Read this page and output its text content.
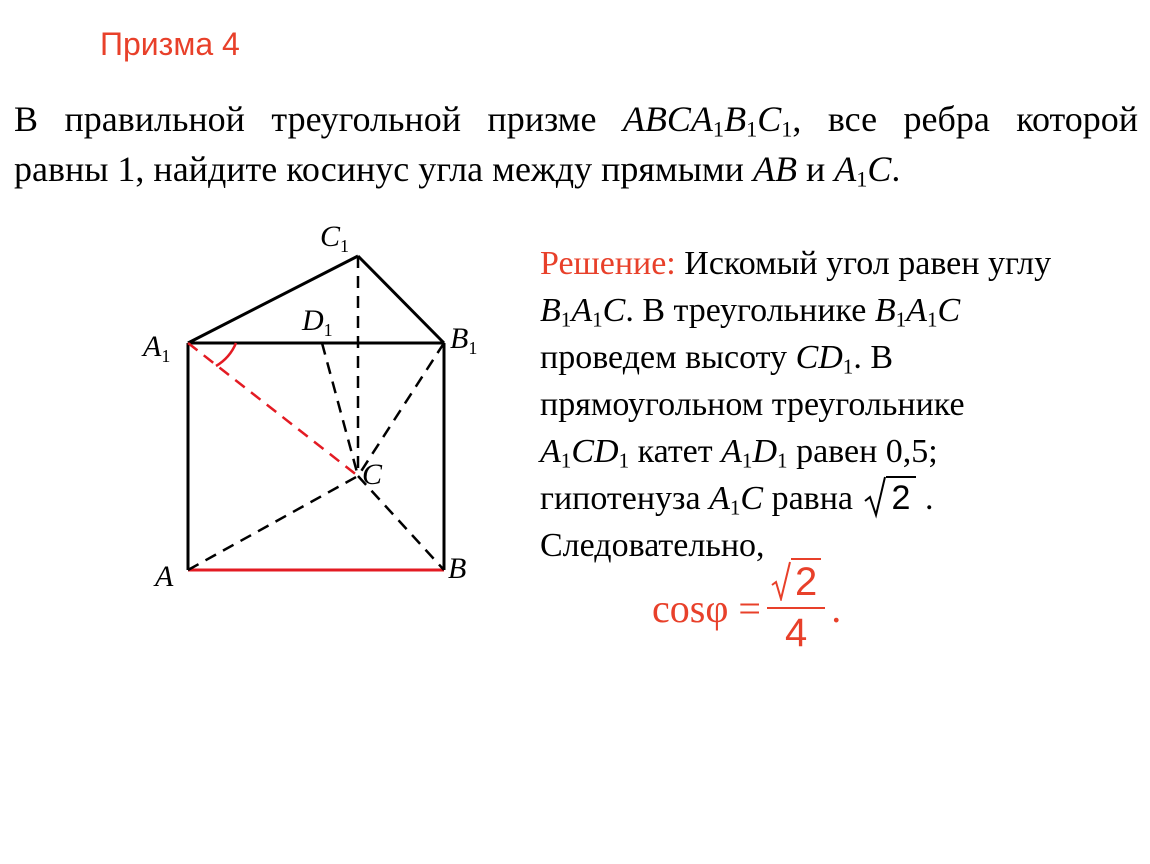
Призма 4
В правильной треугольной призме $ABCA_1B_1C_1$, все ребра которой
равны 1, найдите косинус угла между прямыми AB и $A_1C$.
$C_1$
$A_1$
$B_1$
$D_1$
C
A	B
Решение: Искомый угол равен углу $B_1A_1C$. В треугольнике $B_1A_1C$ проведем высоту $CD_1$. В прямоугольном треугольнике $A_1CD_1$ катет $A_1D_1$ равен 0,5; гипотенуза $A_1C$ равна
2 . Следовательно,
$\cos\varphi = \frac{2}{4}$ .
